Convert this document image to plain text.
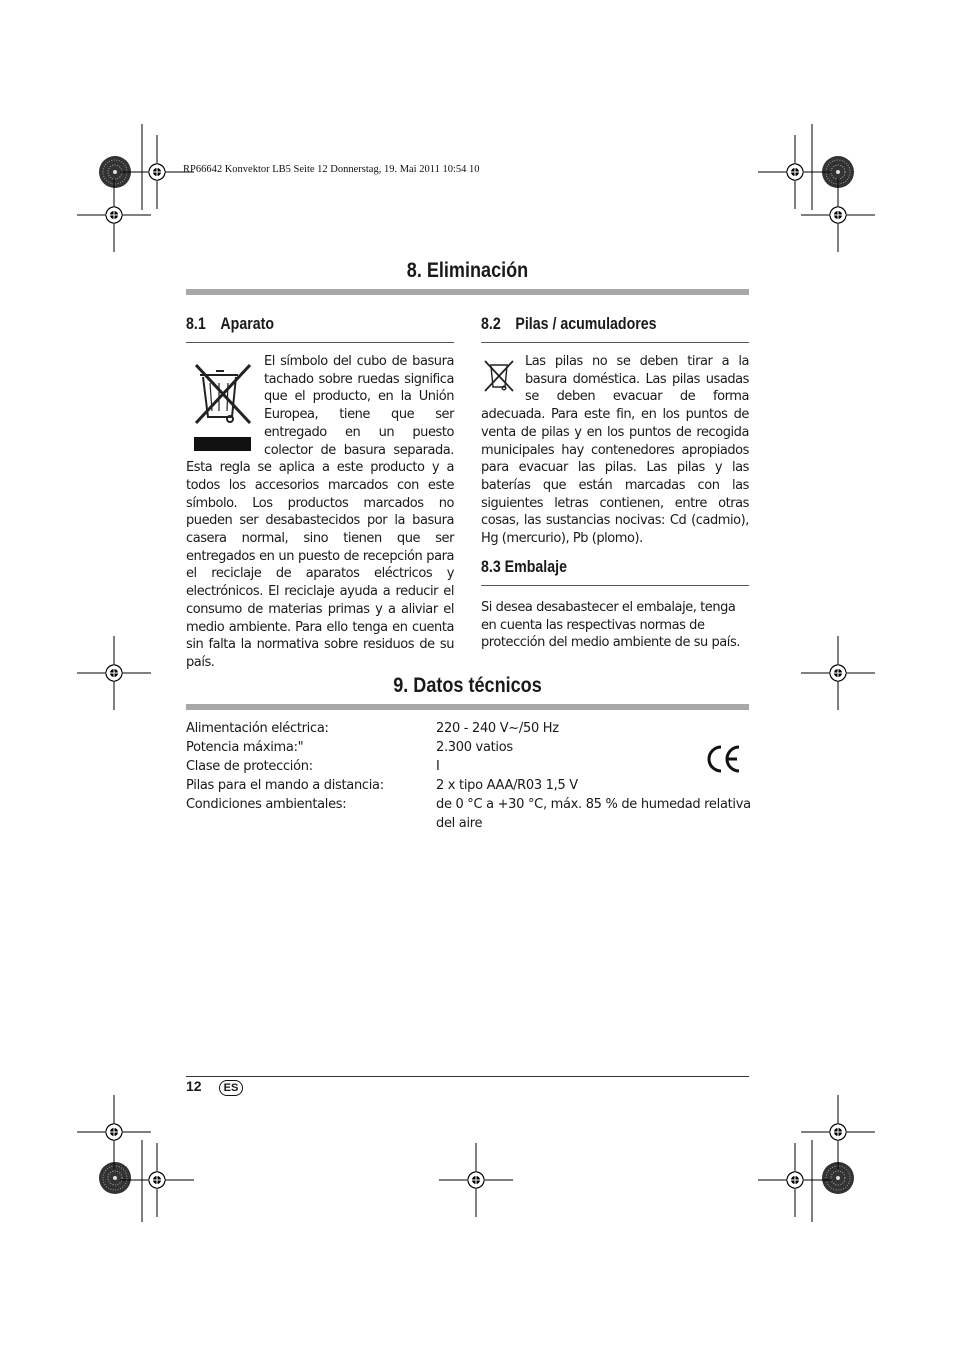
RP66642 Konvektor LB5 Seite 12 Donnerstag, 19. Mai 2011 10:54 10
8. Eliminación
8.1 Aparato

El símbolo del cubo de basura tachado sobre ruedas significa que el producto, en la Unión Europea, tiene que ser entregado en un puesto colector de basura separada. Esta regla se aplica a este producto y a todos los accesorios marcados con este símbolo. Los productos marcados no pueden ser desabastecidos por la basura casera normal, sino tienen que ser entregados en un puesto de recepción para el reciclaje de aparatos eléctricos y electrónicos. El reciclaje ayuda a reducir el consumo de materias primas y a aliviar el medio ambiente. Para ello tenga en cuenta sin falta la normativa sobre residuos de su país.

8.2 Pilas / acumuladores

Las pilas no se deben tirar a la basura doméstica. Las pilas usadas se deben evacuar de forma adecuada. Para este fin, en los puntos de venta de pilas y en los puntos de recogida municipales hay contenedores apropiados para evacuar las pilas. Las pilas y las baterías que están marcadas con las siguientes letras contienen, entre otras cosas, las sustancias nocivas: Cd (cadmio), Hg (mercurio), Pb (plomo).

8.3 Embalaje

Si desea desabastecer el embalaje, tenga en cuenta las respectivas normas de protección del medio ambiente de su país.

9. Datos técnicos
Alimentación eléctrica:	220 - 240 V~/50 Hz
Potencia máxima:"	2.300 vatios
Clase de protección:	I
Pilas para el mando a distancia:	2 x tipo AAA/R03 1,5 V
Condiciones ambientales:	de 0 °C a +30 °C, máx. 85 % de humedad relativa del aire
12	ES
